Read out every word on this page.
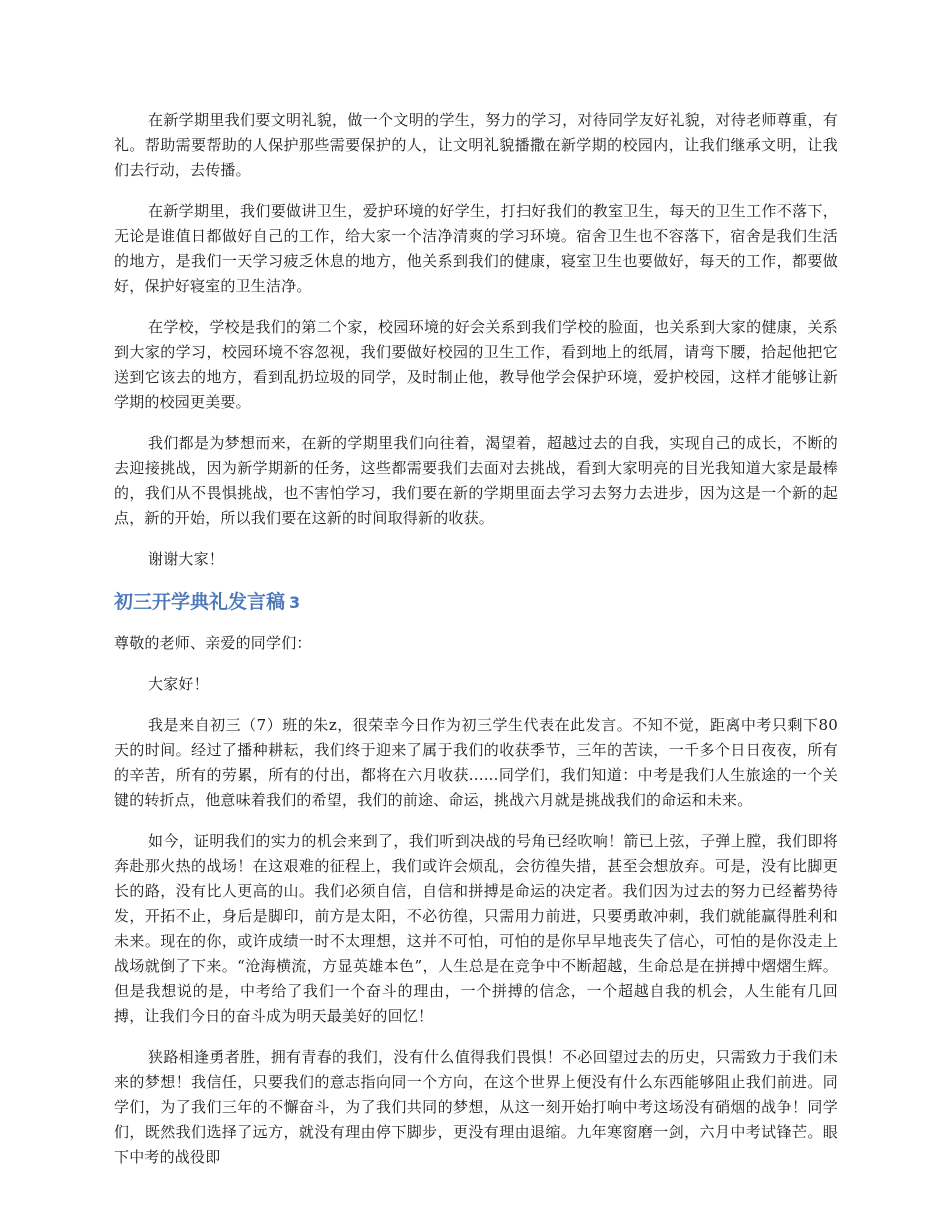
在新学期里我们要文明礼貌，做一个文明的学生，努力的学习，对待同学友好礼貌，对待老师尊重，有礼。帮助需要帮助的人保护那些需要保护的人，让文明礼貌播撒在新学期的校园内，让我们继承文明，让我们去行动，去传播。

在新学期里，我们要做讲卫生，爱护环境的好学生，打扫好我们的教室卫生，每天的卫生工作不落下，无论是谁值日都做好自己的工作，给大家一个洁净清爽的学习环境。宿舍卫生也不容落下，宿舍是我们生活的地方，是我们一天学习疲乏休息的地方，他关系到我们的健康，寝室卫生也要做好，每天的工作，都要做好，保护好寝室的卫生洁净。

在学校，学校是我们的第二个家，校园环境的好会关系到我们学校的脸面，也关系到大家的健康，关系到大家的学习，校园环境不容忽视，我们要做好校园的卫生工作，看到地上的纸屑，请弯下腰，拾起他把它送到它该去的地方，看到乱扔垃圾的同学，及时制止他，教导他学会保护环境，爱护校园，这样才能够让新学期的校园更美要。

我们都是为梦想而来，在新的学期里我们向往着，渴望着，超越过去的自我，实现自己的成长，不断的去迎接挑战，因为新学期新的任务，这些都需要我们去面对去挑战，看到大家明亮的目光我知道大家是最棒的，我们从不畏惧挑战，也不害怕学习，我们要在新的学期里面去学习去努力去进步，因为这是一个新的起点，新的开始，所以我们要在这新的时间取得新的收获。

谢谢大家！

初三开学典礼发言稿 3

尊敬的老师、亲爱的同学们：

大家好！

我是来自初三（7）班的朱z，很荣幸今日作为初三学生代表在此发言。不知不觉，距离中考只剩下80天的时间。经过了播种耕耘，我们终于迎来了属于我们的收获季节，三年的苦读，一千多个日日夜夜，所有的辛苦，所有的劳累，所有的付出，都将在六月收获......同学们，我们知道：中考是我们人生旅途的一个关键的转折点，他意味着我们的希望，我们的前途、命运，挑战六月就是挑战我们的命运和未来。

如今，证明我们的实力的机会来到了，我们听到决战的号角已经吹响！箭已上弦，子弹上膛，我们即将奔赴那火热的战场！在这艰难的征程上，我们或许会烦乱，会彷徨失措，甚至会想放弃。可是，没有比脚更长的路，没有比人更高的山。我们必须自信，自信和拼搏是命运的决定者。我们因为过去的努力已经蓄势待发，开拓不止，身后是脚印，前方是太阳，不必彷徨，只需用力前进，只要勇敢冲刺，我们就能赢得胜利和未来。现在的你，或许成绩一时不太理想，这并不可怕，可怕的是你早早地丧失了信心，可怕的是你没走上战场就倒了下来。“沧海横流，方显英雄本色”，人生总是在竞争中不断超越，生命总是在拼搏中熠熠生辉。但是我想说的是，中考给了我们一个奋斗的理由，一个拼搏的信念，一个超越自我的机会，人生能有几回搏，让我们今日的奋斗成为明天最美好的回忆！

狭路相逢勇者胜，拥有青春的我们，没有什么值得我们畏惧！不必回望过去的历史，只需致力于我们未来的梦想！我信任，只要我们的意志指向同一个方向，在这个世界上便没有什么东西能够阻止我们前进。同学们，为了我们三年的不懈奋斗，为了我们共同的梦想，从这一刻开始打响中考这场没有硝烟的战争！同学们，既然我们选择了远方，就没有理由停下脚步，更没有理由退缩。九年寒窗磨一剑，六月中考试锋芒。眼下中考的战役即
